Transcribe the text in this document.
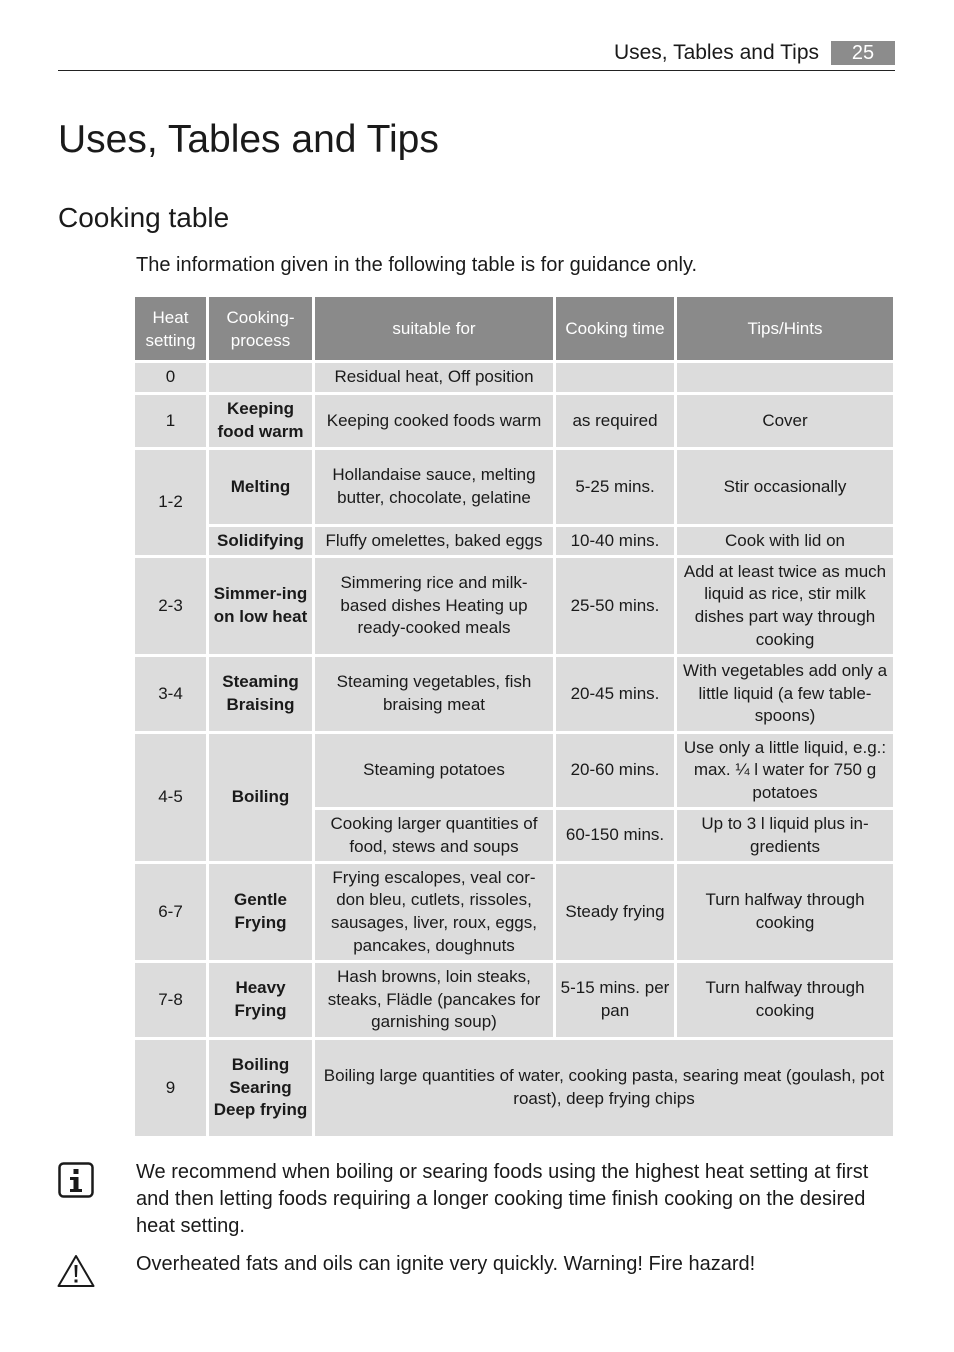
Uses, Tables and Tips	25
Uses, Tables and Tips
Cooking table

The information given in the following table is for guidance only.

Heat setting	Cooking-process	suitable for	Cooking time	Tips/Hints

0		Residual heat, Off position		
1	Keeping food warm	Keeping cooked foods warm	as required	Cover
1-2	Melting	Hollandaise sauce, melting butter, chocolate, gelatine	5-25 mins.	Stir occasionally
	Solidifying	Fluffy omelettes, baked eggs	10-40 mins.	Cook with lid on
2-3	Simmer-ing on low heat	Simmering rice and milk-based dishes Heating up ready-cooked meals	25-50 mins.	Add at least twice as much liquid as rice, stir milk dishes part way through cooking
3-4	Steaming Braising	Steaming vegetables, fish braising meat	20-45 mins.	With vegetables add only a little liquid (a few table-spoons)
4-5	Boiling	Steaming potatoes	20-60 mins.	Use only a little liquid, e.g.: max. ¼ l water for 750 g potatoes
		Cooking larger quantities of food, stews and soups	60-150 mins.	Up to 3 l liquid plus in-gredients
6-7	Gentle Frying	Frying escalopes, veal cor-don bleu, cutlets, rissoles, sausages, liver, roux, eggs, pancakes, doughnuts	Steady frying	Turn halfway through cooking
7-8	Heavy Frying	Hash browns, loin steaks, steaks, Flädle (pancakes for garnishing soup)	5-15 mins. per pan	Turn halfway through cooking
9	Boiling Searing Deep frying	Boiling large quantities of water, cooking pasta, searing meat (goulash, pot roast), deep frying chips		

We recommend when boiling or searing foods using the highest heat setting at first and then letting foods requiring a longer cooking time finish cooking on the desired heat setting.

Overheated fats and oils can ignite very quickly. Warning! Fire hazard!
